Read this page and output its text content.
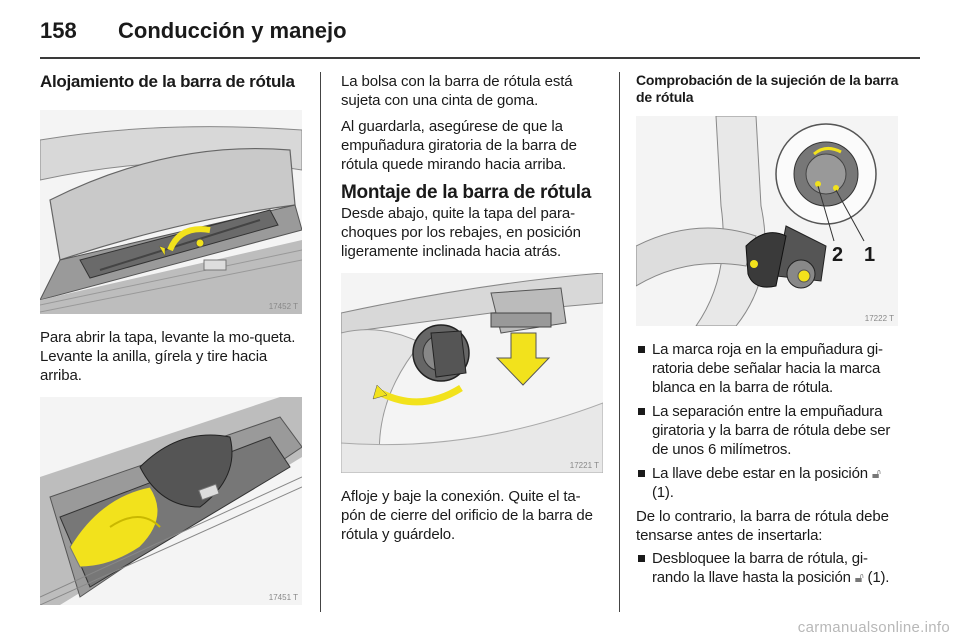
158 Conducción y manejo
Alojamiento de la barra de rótula
17452 T

Para abrir la tapa, levante la mo-queta. Levante la anilla, gírela y tire hacia arriba.

17451 T

La bolsa con la barra de rótula está sujeta con una cinta de goma.

Al guardarla, asegúrese de que la empuñadura giratoria de la barra de rótula quede mirando hacia arriba.

Montaje de la barra de rótula

Desde abajo, quite la tapa del para-choques por los rebajes, en posición ligeramente inclinada hacia atrás.

17221 T

Afloje y baje la conexión. Quite el ta-pón de cierre del orificio de la barra de rótula y guárdelo.

Comprobación de la sujeción de la barra de rótula
2 1
17222 T
La marca roja en la empuñadura gi-ratoria debe señalar hacia la marca blanca en la barra de rótula.
La separación entre la empuñadura giratoria y la barra de rótula debe ser de unos 6 milímetros.
La llave debe estar en la posición 🔓︎ (1).

De lo contrario, la barra de rótula debe tensarse antes de insertarla:

Desbloquee la barra de rótula, gi-rando la llave hasta la posición 🔓︎ (1).
carmanualsonline.info
